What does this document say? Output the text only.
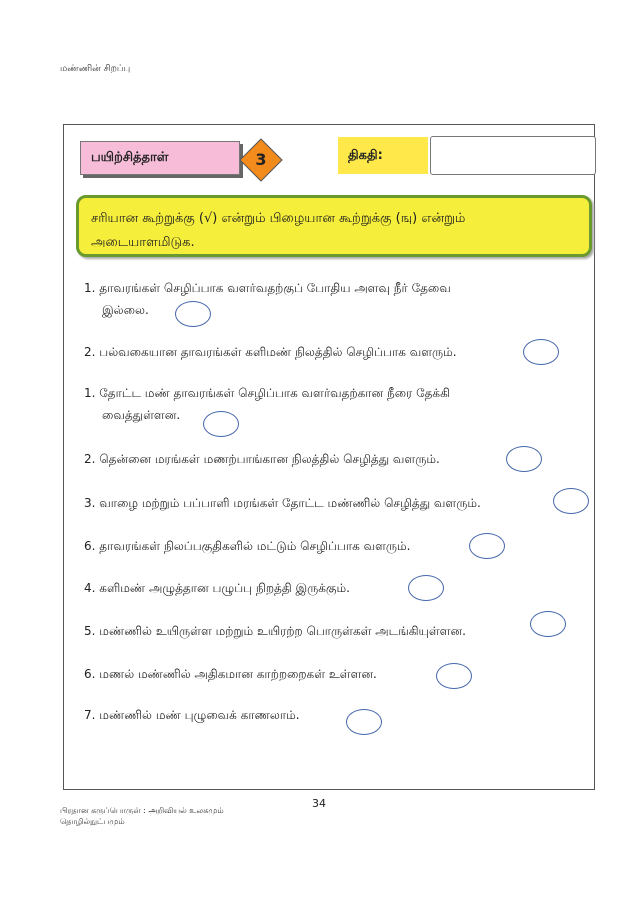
மண்ணின் சிறப்பு
பயிற்சித்தாள்	3	திகதி:
சரியான கூற்றுக்கு (√) என்றும் பிழையான கூற்றுக்கு (ஙு) என்றும்
அடையாளமிடுக.
1. தாவரங்கள் செழிப்பாக வளர்வதற்குப் போதிய அளவு நீர் தேவை
இல்லை.
2. பல்வகையான தாவரங்கள் களிமண் நிலத்தில் செழிப்பாக வளரும்.
1. தோட்ட மண் தாவரங்கள் செழிப்பாக வளர்வதற்கான நீரை தேக்கி
வைத்துள்ளன.
2. தென்னை மரங்கள் மணற்பாங்கான நிலத்தில் செழித்து வளரும்.
3. வாழை மற்றும் பப்பாளி மரங்கள் தோட்ட மண்ணில் செழித்து வளரும்.
6. தாவரங்கள் நிலப்பகுதிகளில் மட்டும் செழிப்பாக வளரும்.
4. களிமண் அழுத்தான பழுப்பு நிறத்தி இருக்கும்.
5. மண்ணில் உயிருள்ள மற்றும் உயிரற்ற பொருள்கள் அடங்கியுள்ளன.
6. மணல் மண்ணில் அதிகமான காற்றறைகள் உள்ளன.
7. மண்ணில் மண் புழுவைக் காணலாம்.
34
பிரதான கருப்பொருள் : அறிவியல் உலகமும்
தொழில்நுட்பமும்
